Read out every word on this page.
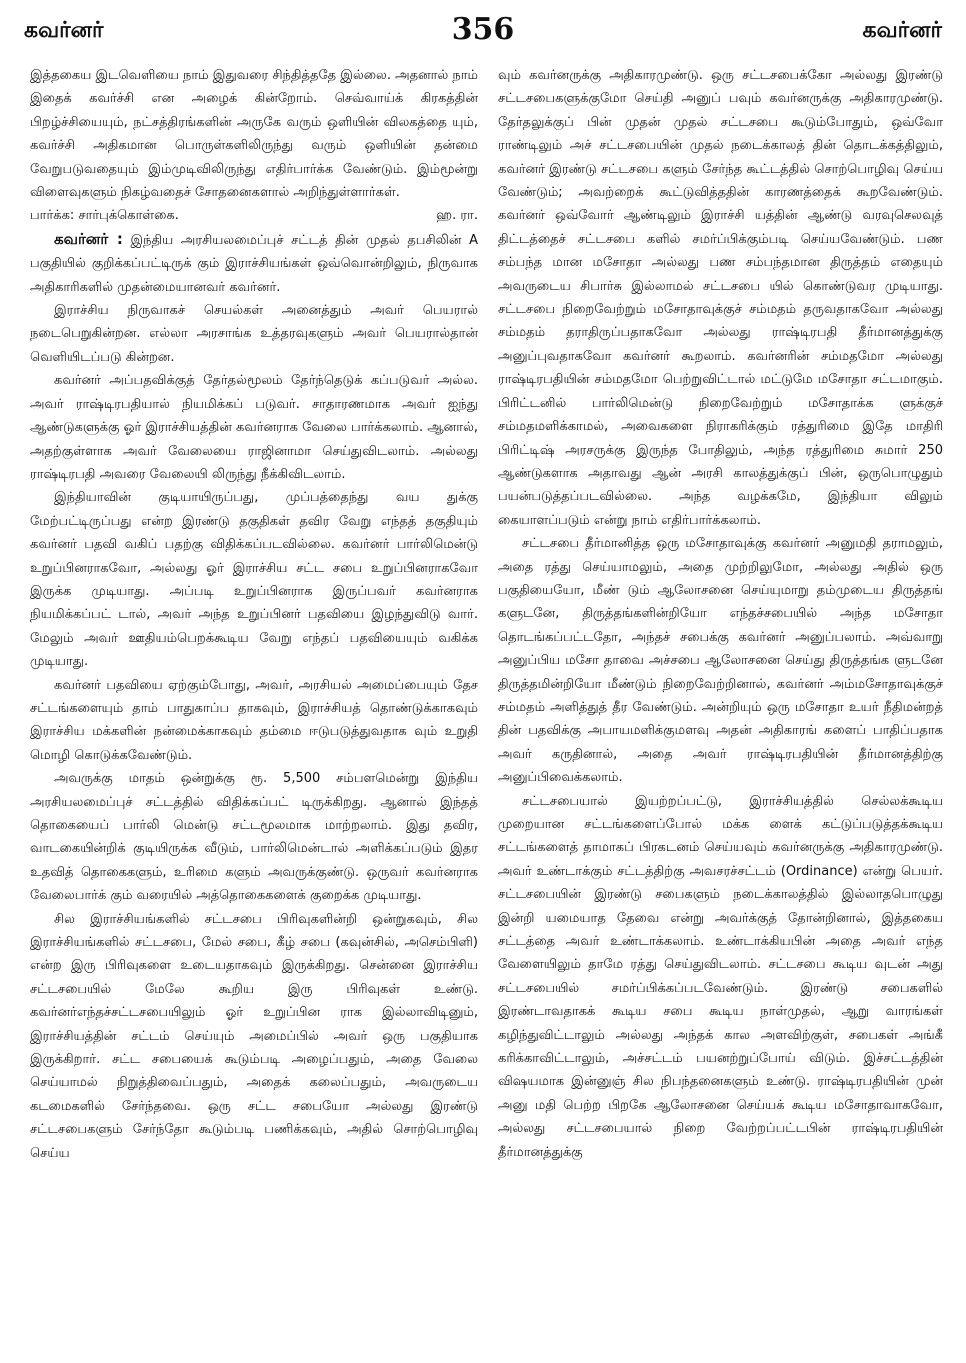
கவர்னர்	356	கவர்னர்

இத்தகைய இடவெளியை நாம் இதுவரை சிந்தித்ததே இல்லை. அதனால் நாம் இதைக் கவர்ச்சி என அழைக் கின்றோம். செவ்வாய்க் கிரகத்தின் பிறழ்ச்சியையும், நட்சத்திரங்களின் அருகே வரும் ஒளியின் விலகத்தை யும், கவர்ச்சி அதிகமான பொருள்களிலிருந்து வரும் ஒளியின் தன்மை வேறுபடுவதையும் இம்முடிவிலிருந்து எதிர்பார்க்க வேண்டும். இம்மூன்று விளைவுகளும் நிகழ்வதைச் சோதனைகளால் அறிந்துள்ளார்கள்.

பார்க்க: சார்புக்கொள்கை.	ஹ. ரா.

கவர்னர் : இந்திய அரசியலமைப்புச் சட்டத் தின் முதல் தபசிலின் A பகுதியில் குறிக்கப்பட்டிருக் கும் இராச்சியங்கள் ஒவ்வொன்றிலும், நிருவாக அதிகாரிகளில் முதன்மையானவர் கவர்னர்.

இராச்சிய நிருவாகச் செயல்கள் அனைத்தும் அவர் பெயரால் நடைபெறுகின்றன. எல்லா அரசாங்க உத்தரவுகளும் அவர் பெயரால்தான் வெளியிடப்படு கின்றன.

கவர்னர் அப்பதவிக்குத் தேர்தல்மூலம் தேர்ந்தெடுக் கப்படுவர் அல்ல. அவர் ராஷ்டிரபதியால் நியமிக்கப் படுவர். சாதாரணமாக அவர் ஐந்து ஆண்டுகளுக்கு ஓர் இராச்சியத்தின் கவர்னராக வேலை பார்க்கலாம். ஆனால், அதற்குள்ளாக அவர் வேலையை ராஜினாமா செய்துவிடலாம். அல்லது ராஷ்டிரபதி அவரை வேலையி லிருந்து நீக்கிவிடலாம்.

இந்தியாவின் குடியாயிருப்பது, முப்பத்தைந்து வய துக்கு மேற்பட்டிருப்பது என்ற இரண்டு தகுதிகள் தவிர வேறு எந்தத் தகுதியும் கவர்னர் பதவி வகிப் பதற்கு விதிக்கப்படவில்லை. கவர்னர் பார்லிமென்டு உறுப்பினராகவோ, அல்லது ஓர் இராச்சிய சட்ட சபை உறுப்பினராகவோ இருக்க முடியாது. அப்படி உறுப்பினராக இருப்பவர் கவர்னராக நியமிக்கப்பட் டால், அவர் அந்த உறுப்பினர் பதவியை இழந்துவிடு வார். மேலும் அவர் ஊதியம்பெறக்கூடிய வேறு எந்தப் பதவியையும் வகிக்க முடியாது.

கவர்னர் பதவியை ஏற்கும்போது, அவர், அரசியல் அமைப்பையும் தேச சட்டங்களையும் தாம் பாதுகாப்ப தாகவும், இராச்சியத் தொண்டுக்காகவும் இராச்சிய மக்களின் நன்மைக்காகவும் தம்மை ஈடுபடுத்துவதாக வும் உறுதி மொழி கொடுக்கவேண்டும்.

அவருக்கு மாதம் ஒன்றுக்கு ரூ. 5,500 சம்பளமென்று இந்திய அரசியலமைப்புச் சட்டத்தில் விதிக்கப்பட் டிருக்கிறது. ஆனால் இந்தத் தொகையைப் பார்லி மென்டு சட்டமூலமாக மாற்றலாம். இது தவிர, வாடகையின்றிக் குடியிருக்க வீடும், பார்லிமென்டால் அளிக்கப்படும் இதர உதவித் தொகைகளும், உரிமை களும் அவருக்குண்டு. ஒருவர் கவர்னராக வேலைபார்க் கும் வரையில் அத்தொகைகளைக் குறைக்க முடியாது.

சில இராச்சியங்களில் சட்டசபை பிரிவுகளின்றி ஒன்றுகவும், சில இராச்சியங்களில் சட்டசபை, மேல் சபை, கீழ் சபை (கவுன்சில், அசெம்பிளி) என்ற இரு பிரிவுகளை உடையதாகவும் இருக்கிறது. சென்னை இராச்சிய சட்டசபையில் மேலே கூறிய இரு பிரிவுகள் உண்டு. கவர்னர்எந்தச்சட்டசபையிலும் ஓர் உறுப்பின ராக இல்லாவிடினும், இராச்சியத்தின் சட்டம் செய்யும் அமைப்பில் அவர் ஒரு பகுதியாக இருக்கிறார். சட்ட சபையைக் கூடும்படி அழைப்பதும், அதை வேலை செய்யாமல் நிறுத்திவைப்பதும், அதைக் கலைப்பதும், அவருடைய கடமைகளில் சேர்ந்தவை. ஒரு சட்ட சபையோ அல்லது இரண்டு சட்டசபைகளும் சேர்ந்தோ கூடும்படி பணிக்கவும், அதில் சொற்பொழிவு செய்ய

வும் கவர்னருக்கு அதிகாரமுண்டு. ஒரு சட்டசபைக்கோ அல்லது இரண்டு சட்டசபைகளுக்குமோ செய்தி அனுப் பவும் கவர்னருக்கு அதிகாரமுண்டு. தேர்தலுக்குப் பின் முதன் முதல் சட்டசபை கூடும்போதும், ஒவ்வோ ராண்டிலும் அச் சட்டசபையின் முதல் நடைக்காலத் தின் தொடக்கத்திலும், கவர்னர் இரண்டு சட்டசபை களும் சேர்ந்த கூட்டத்தில் சொற்பொழிவு செய்ய வேண்டும்; அவற்றைக் கூட்டுவித்ததின் காரணத்தைக் கூறவேண்டும். கவர்னர் ஒவ்வோர் ஆண்டிலும் இராச்சி யத்தின் ஆண்டு வரவுசெலவுத் திட்டத்தைச் சட்டசபை களில் சமர்ப்பிக்கும்படி செய்யவேண்டும். பண சம்பந்த மான மசோதா அல்லது பண சம்பந்தமான திருத்தம் எதையும் அவருடைய சிபார்சு இல்லாமல் சட்டசபை யில் கொண்டுவர முடியாது. சட்டசபை நிறைவேற்றும் மசோதாவுக்குச் சம்மதம் தருவதாகவோ அல்லது சம்மதம் தராதிருப்பதாகவோ அல்லது ராஷ்டிரபதி தீர்மானத்துக்கு அனுப்புவதாகவோ கவர்னர் கூறலாம். கவர்னரின் சம்மதமோ அல்லது ராஷ்டிரபதியின் சம்மதமோ பெற்றுவிட்டால் மட்டுமே மசோதா சட்டமாகும். பிரிட்டனில் பார்லிமென்டு நிறைவேற்றும் மசோதாக்க ளுக்குச் சம்மதமளிக்காமல், அவைகளை நிராகரிக்கும் ரத்துரிமை இதே மாதிரி பிரிட்டிஷ் அரசருக்கு இருந்த போதிலும், அந்த ரத்துரிமை சுமார் 250 ஆண்டுகளாக அதாவது ஆன் அரசி காலத்துக்குப் பின், ஒருபொழுதும் பயன்படுத்தப்படவில்லை. அந்த வழக்கமே, இந்தியா விலும் கையாளப்படும் என்று நாம் எதிர்பார்க்கலாம்.

சட்டசபை தீர்மானித்த ஒரு மசோதாவுக்கு கவர்னர் அனுமதி தராமலும், அதை ரத்து செய்யாமலும், அதை முற்றிலுமோ, அல்லது அதில் ஒரு பகுதியையோ, மீண் டும் ஆலோசனை செய்யுமாறு தம்முடைய திருத்தங் களுடனே, திருத்தங்களின்றியோ எந்தச்சபையில் அந்த மசோதா தொடங்கப்பட்டதோ, அந்தச் சபைக்கு கவர்னர் அனுப்பலாம். அவ்வாறு அனுப்பிய மசோ தாவை அச்சபை ஆலோசனை செய்து திருத்தங்க ளுடனே திருத்தமின்றியோ மீண்டும் நிறைவேற்றினால், கவர்னர் அம்மசோதாவுக்குச் சம்மதம் அளித்துத் தீர வேண்டும். அன்றியும் ஒரு மசோதா உயர் நீதிமன்றத் தின் பதவிக்கு அபாயமளிக்குமளவு அதன் அதிகாரங் களைப் பாதிப்பதாக அவர் கருதினால், அதை அவர் ராஷ்டிரபதியின் தீர்மானத்திற்கு அனுப்பிவைக்கலாம்.

சட்டசபையால் இயற்றப்பட்டு, இராச்சியத்தில் செல்லக்கூடிய முறையான சட்டங்களைப்போல் மக்க ளைக் கட்டுப்படுத்தக்கூடிய சட்டங்களைத் தாமாகப் பிரகடனம் செய்யவும் கவர்னருக்கு அதிகாரமுண்டு. அவர் உண்டாக்கும் சட்டத்திற்கு அவசரச்சட்டம் (Ordinance) என்று பெயர். சட்டசபையின் இரண்டு சபைகளும் நடைக்காலத்தில் இல்லாதபொழுது இன்றி யமையாத தேவை என்று அவர்க்குத் தோன்றினால், இத்தகைய சட்டத்தை அவர் உண்டாக்கலாம். உண்டாக்கியபின் அதை அவர் எந்த வேளையிலும் தாமே ரத்து செய்துவிடலாம். சட்டசபை கூடிய வுடன் அது சட்டசபையில் சமர்ப்பிக்கப்படவேண்டும். இரண்டு சபைகளில் இரண்டாவதாகக் கூடிய சபை கூடிய நாள்முதல், ஆறு வாரங்கள் கழிந்துவிட்டாலும் அல்லது அந்தக் கால அளவிற்குள், சபைகள் அங்கீ கரிக்காவிட்டாலும், அச்சட்டம் பயனற்றுப்போய் விடும். இச்சட்டத்தின் விஷயமாக இன்னுஞ் சில நிபந்தனைகளும் உண்டு. ராஷ்டிரபதியின் முன் அனு மதி பெற்ற பிறகே ஆலோசனை செய்யக் கூடிய மசோதாவாகவோ, அல்லது சட்டசபையால் நிறை வேற்றப்பட்டபின் ராஷ்டிரபதியின் தீர்மானத்துக்கு
